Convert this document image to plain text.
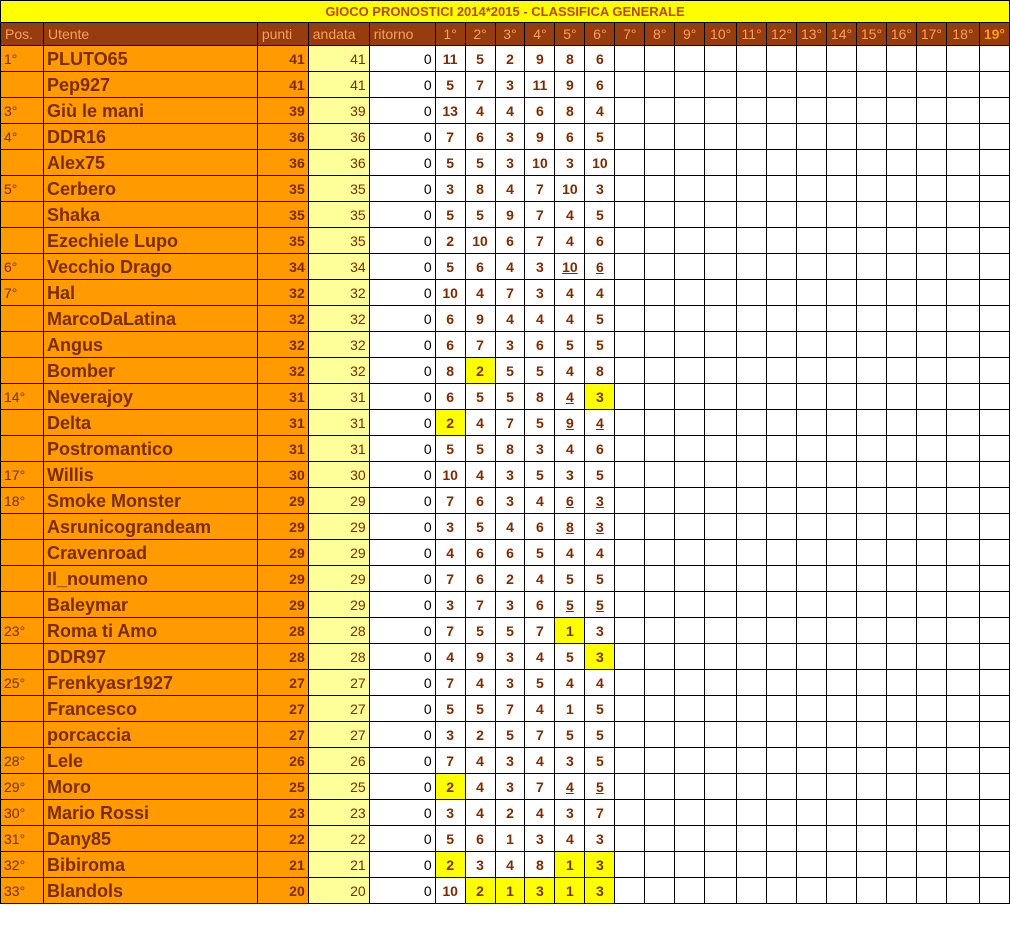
GIOCO PRONOSTICI 2014*2015 - CLASSIFICA GENERALE																							
Pos.	Utente	punti	andata	ritorno	1°	2°	3°	4°	5°	6°	7°	8°	9°	10°	11°	12°	13°	14°	15°	16°	17°	18°	19°
1°	PLUTO65	41	41	0	11	5	2	9	8	6													
	Pep927	41	41	0	5	7	3	11	9	6													
3°	Giù le mani	39	39	0	13	4	4	6	8	4													
4°	DDR16	36	36	0	7	6	3	9	6	5													
	Alex75	36	36	0	5	5	3	10	3	10													
5°	Cerbero	35	35	0	3	8	4	7	10	3													
	Shaka	35	35	0	5	5	9	7	4	5													
	Ezechiele Lupo	35	35	0	2	10	6	7	4	6													
6°	Vecchio Drago	34	34	0	5	6	4	3	10	6													
7°	Hal	32	32	0	10	4	7	3	4	4													
	MarcoDaLatina	32	32	0	6	9	4	4	4	5													
	Angus	32	32	0	6	7	3	6	5	5													
	Bomber	32	32	0	8	2	5	5	4	8													
14°	Neverajoy	31	31	0	6	5	5	8	4	3													
	Delta	31	31	0	2	4	7	5	9	4													
	Postromantico	31	31	0	5	5	8	3	4	6													
17°	Willis	30	30	0	10	4	3	5	3	5													
18°	Smoke Monster	29	29	0	7	6	3	4	6	3													
	Asrunicograndeam	29	29	0	3	5	4	6	8	3													
	Cravenroad	29	29	0	4	6	6	5	4	4													
	Il_noumeno	29	29	0	7	6	2	4	5	5													
	Baleymar	29	29	0	3	7	3	6	5	5													
23°	Roma ti Amo	28	28	0	7	5	5	7	1	3													
	DDR97	28	28	0	4	9	3	4	5	3													
25°	Frenkyasr1927	27	27	0	7	4	3	5	4	4													
	Francesco	27	27	0	5	5	7	4	1	5													
	porcaccia	27	27	0	3	2	5	7	5	5													
28°	Lele	26	26	0	7	4	3	4	3	5													
29°	Moro	25	25	0	2	4	3	7	4	5													
30°	Mario Rossi	23	23	0	3	4	2	4	3	7													
31°	Dany85	22	22	0	5	6	1	3	4	3													
32°	Bibiroma	21	21	0	2	3	4	8	1	3													
33°	Blandols	20	20	0	10	2	1	3	1	3													
